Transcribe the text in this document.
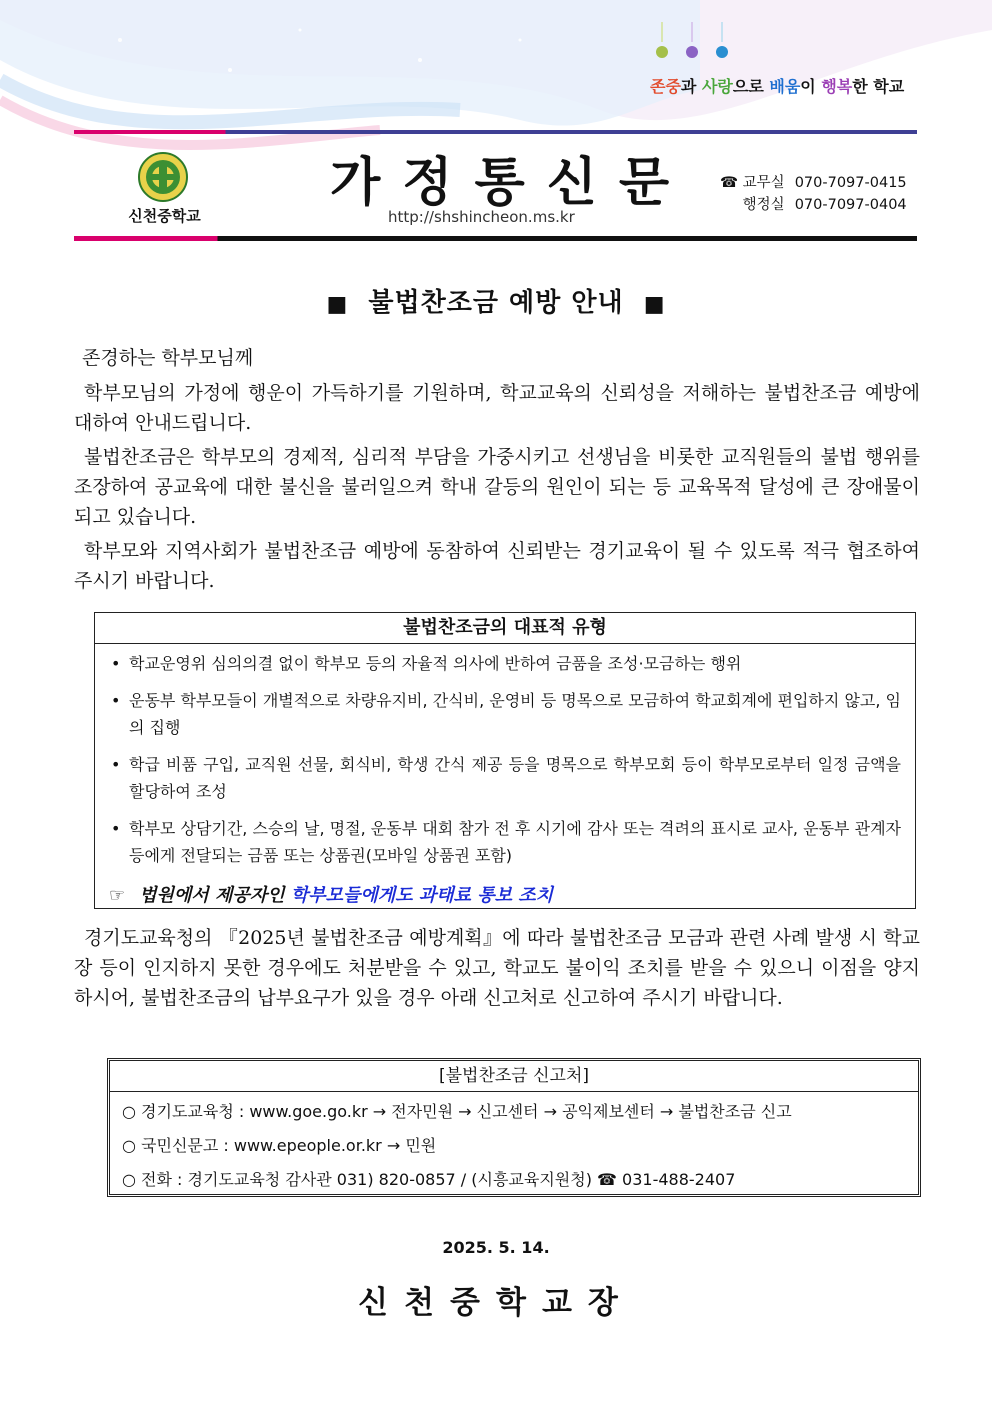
존중과 사랑으로 배움이 행복한 학교
신천중학교
가정통신문
http://shshincheon.ms.kr
☎ 교무실 070-7097-0415
행정실 070-7097-0404
■ 불법찬조금 예방 안내 ■
존경하는 학부모님께

학부모님의 가정에 행운이 가득하기를 기원하며, 학교교육의 신뢰성을 저해하는 불법찬조금 예방에 대하여 안내드립니다.

불법찬조금은 학부모의 경제적, 심리적 부담을 가중시키고 선생님을 비롯한 교직원들의 불법 행위를 조장하여 공교육에 대한 불신을 불러일으켜 학내 갈등의 원인이 되는 등 교육목적 달성에 큰 장애물이 되고 있습니다.

학부모와 지역사회가 불법찬조금 예방에 동참하여 신뢰받는 경기교육이 될 수 있도록 적극 협조하여 주시기 바랍니다.

불법찬조금의 대표적 유형
• 학교운영위 심의의결 없이 학부모 등의 자율적 의사에 반하여 금품을 조성·모금하는 행위
• 운동부 학부모들이 개별적으로 차량유지비, 간식비, 운영비 등 명목으로 모금하여 학교회계에 편입하지 않고, 임의 집행
• 학급 비품 구입, 교직원 선물, 회식비, 학생 간식 제공 등을 명목으로 학부모회 등이 학부모로부터 일정 금액을 할당하여 조성
• 학부모 상담기간, 스승의 날, 명절, 운동부 대회 참가 전 후 시기에 감사 또는 격려의 표시로 교사, 운동부 관계자 등에게 전달되는 금품 또는 상품권(모바일 상품권 포함)
☞ 법원에서 제공자인 학부모들에게도 과태료 통보 조치

경기도교육청의 『2025년 불법찬조금 예방계획』에 따라 불법찬조금 모금과 관련 사례 발생 시 학교장 등이 인지하지 못한 경우에도 처분받을 수 있고, 학교도 불이익 조치를 받을 수 있으니 이점을 양지하시어, 불법찬조금의 납부요구가 있을 경우 아래 신고처로 신고하여 주시기 바랍니다.

[불법찬조금 신고처]
○ 경기도교육청 : www.goe.go.kr → 전자민원 → 신고센터 → 공익제보센터 → 불법찬조금 신고
○ 국민신문고 : www.epeople.or.kr → 민원
○ 전화 : 경기도교육청 감사관 031) 820-0857 / (시흥교육지원청) ☎ 031-488-2407
2025. 5. 14.
신천중학교장
